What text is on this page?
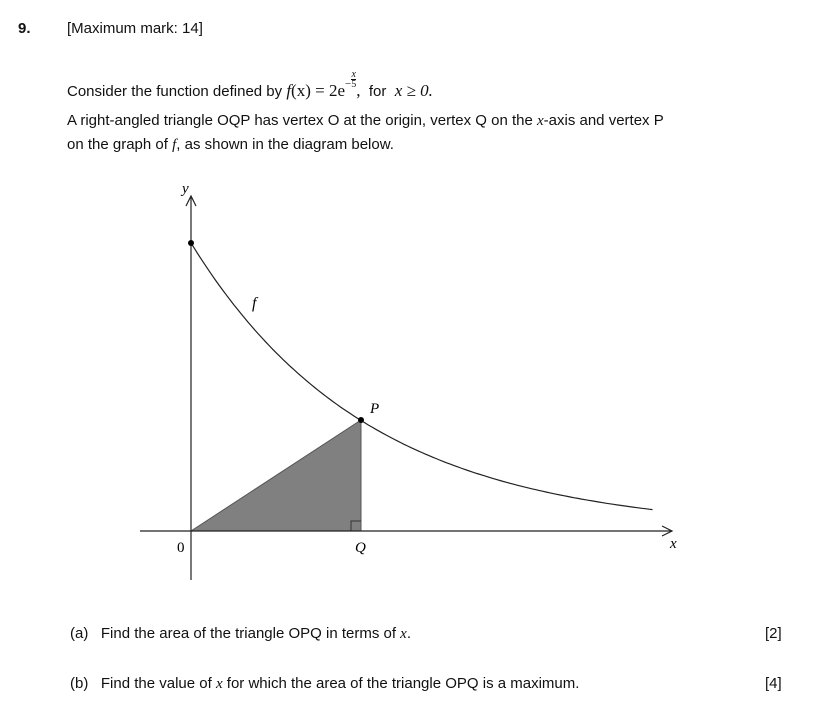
9. [Maximum mark: 14]
Consider the function defined by $f(x) = 2e^- \frac{x}{5}$
, for x ≥ 0.
A right-angled triangle OQP has vertex O at the origin, vertex Q on the x-axis and vertex P
on the graph of f, as shown in the diagram below.
y
x
0	Q
P
f
(a) Find the area of the triangle OPQ in terms of x.	[2]
(b) Find the value of x for which the area of the triangle OPQ is a maximum.	[4]
